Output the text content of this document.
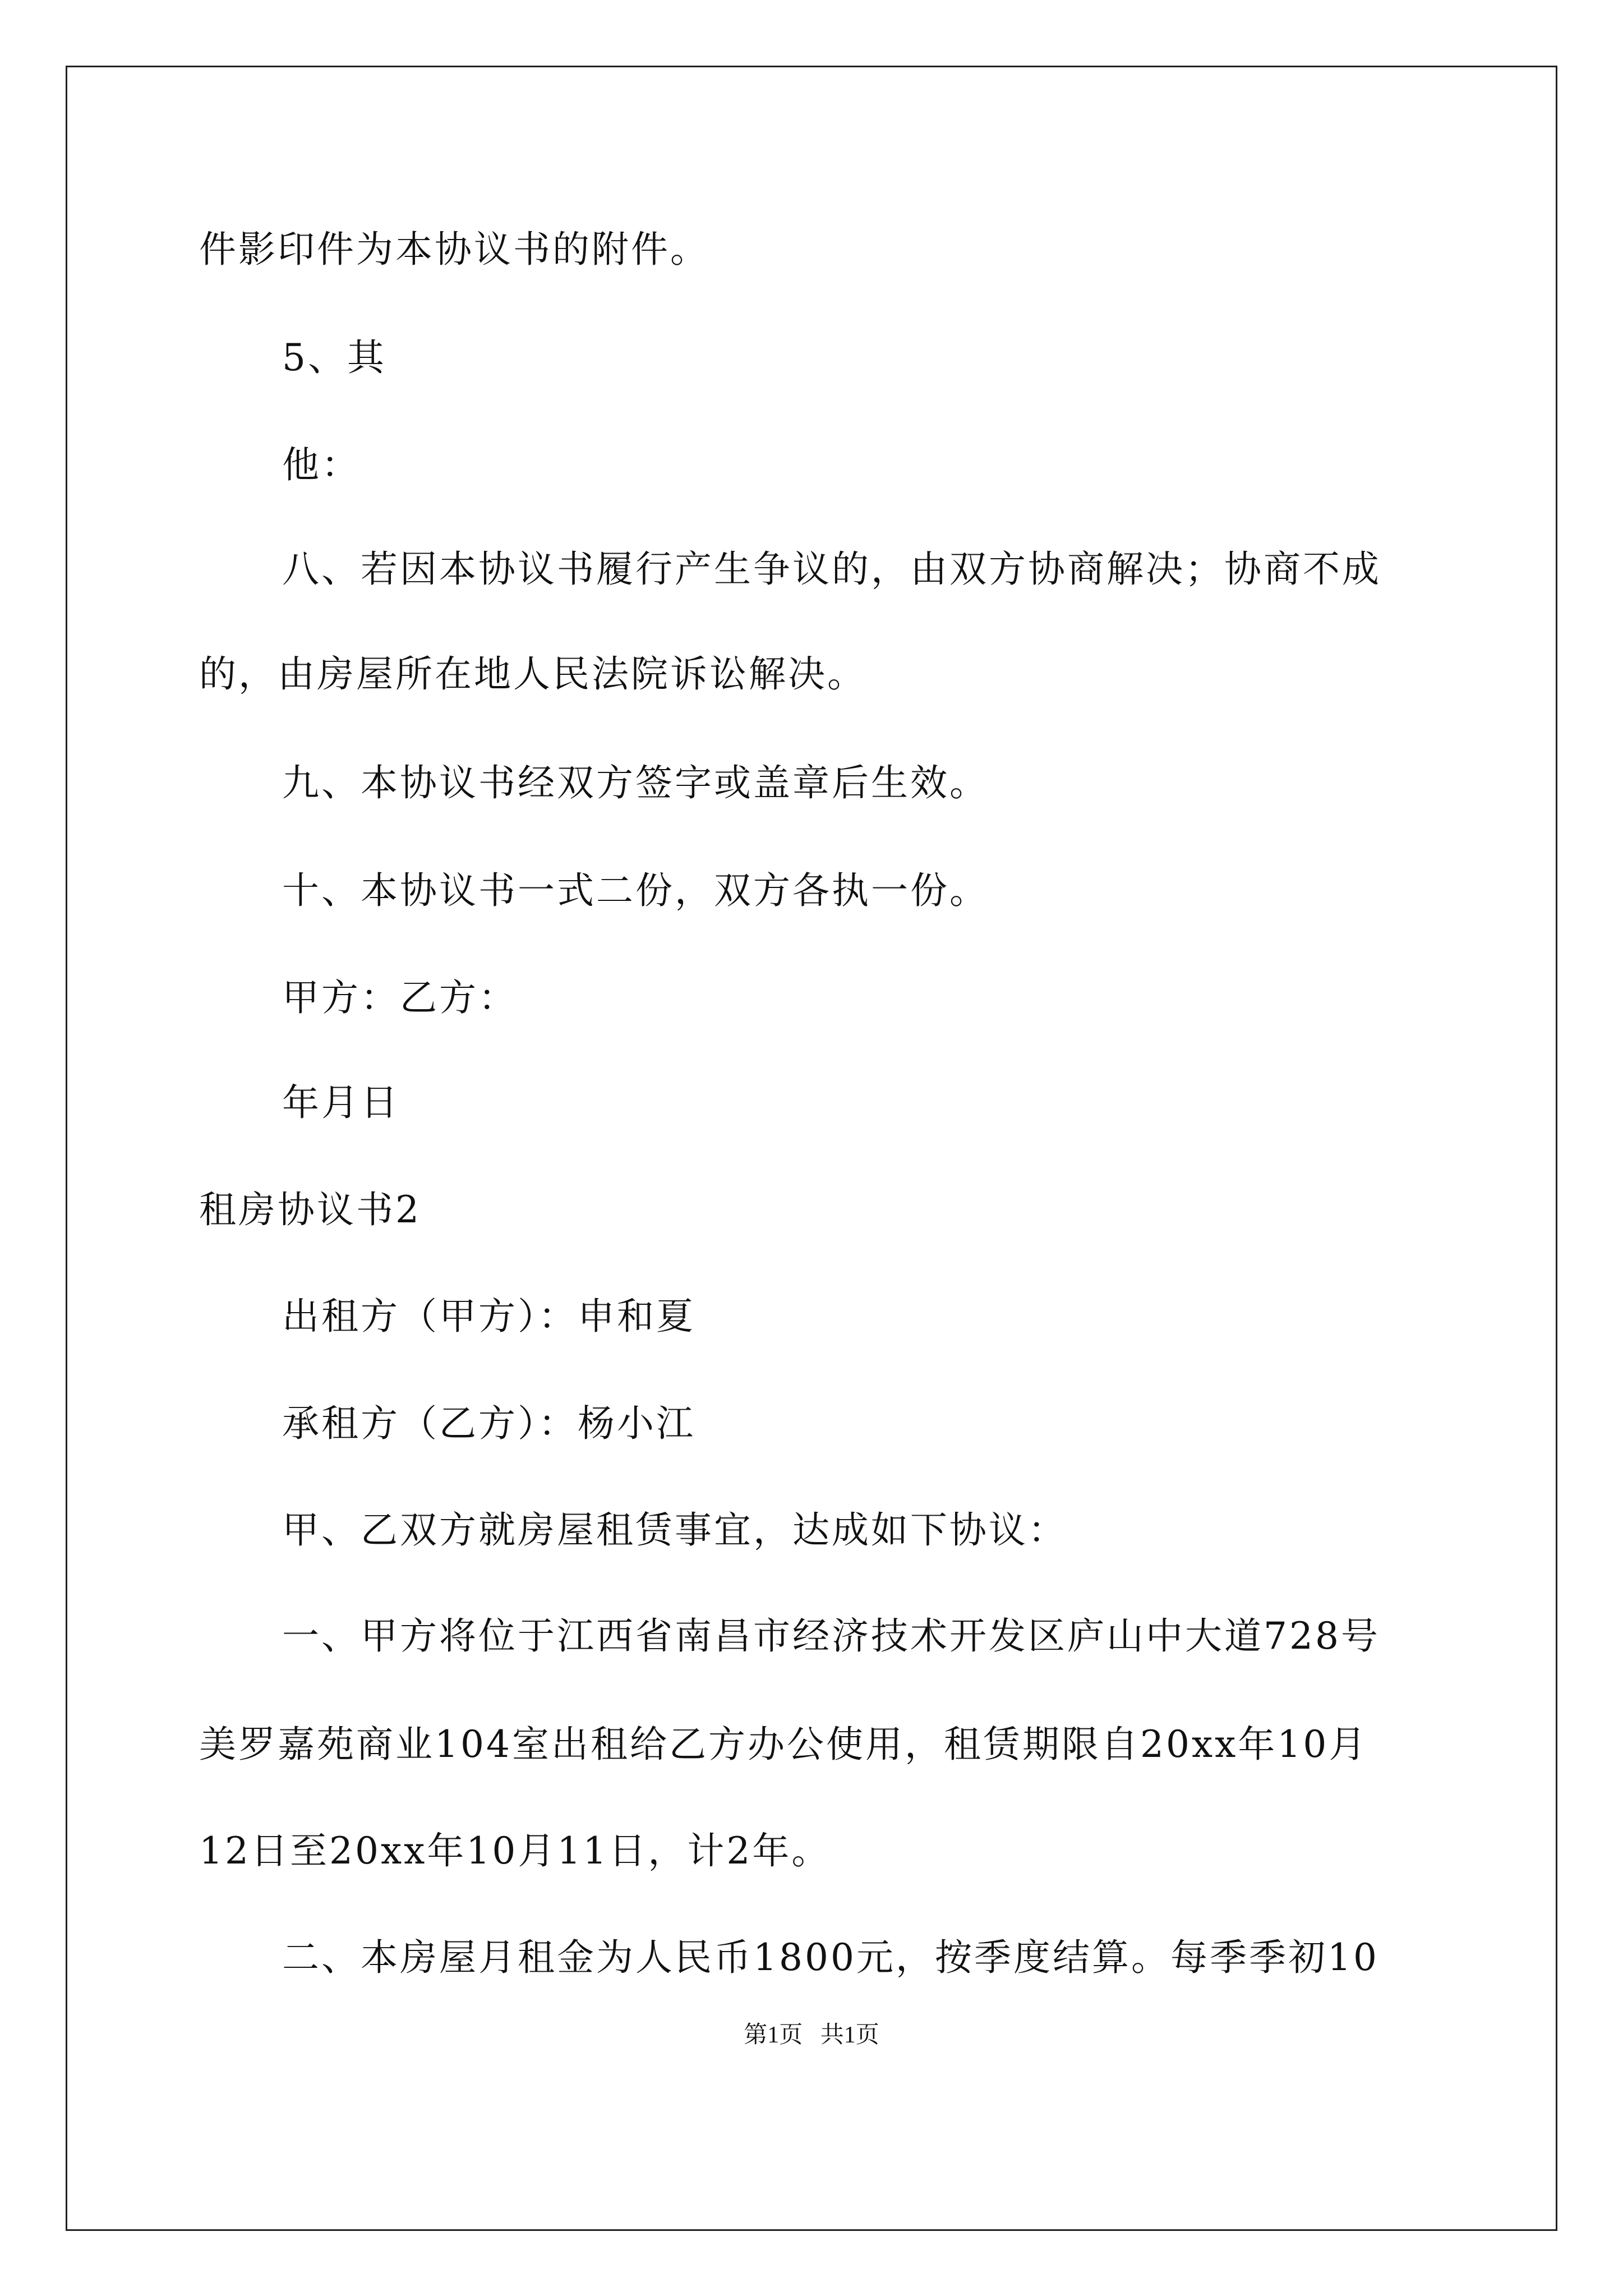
件影印件为本协议书的附件。
5、其
他：
八、若因本协议书履行产生争议的，由双方协商解决；协商不成
的，由房屋所在地人民法院诉讼解决。
九、本协议书经双方签字或盖章后生效。
十、本协议书一式二份，双方各执一份。
甲方：乙方：
年月日
租房协议书2
出租方（甲方）：申和夏
承租方（乙方）：杨小江
甲、乙双方就房屋租赁事宜，达成如下协议：
一、甲方将位于江西省南昌市经济技术开发区庐山中大道728号
美罗嘉苑商业104室出租给乙方办公使用，租赁期限自20xx年10月
12日至20xx年10月11日，计2年。
二、本房屋月租金为人民币1800元，按季度结算。每季季初10
第1页   共1页
